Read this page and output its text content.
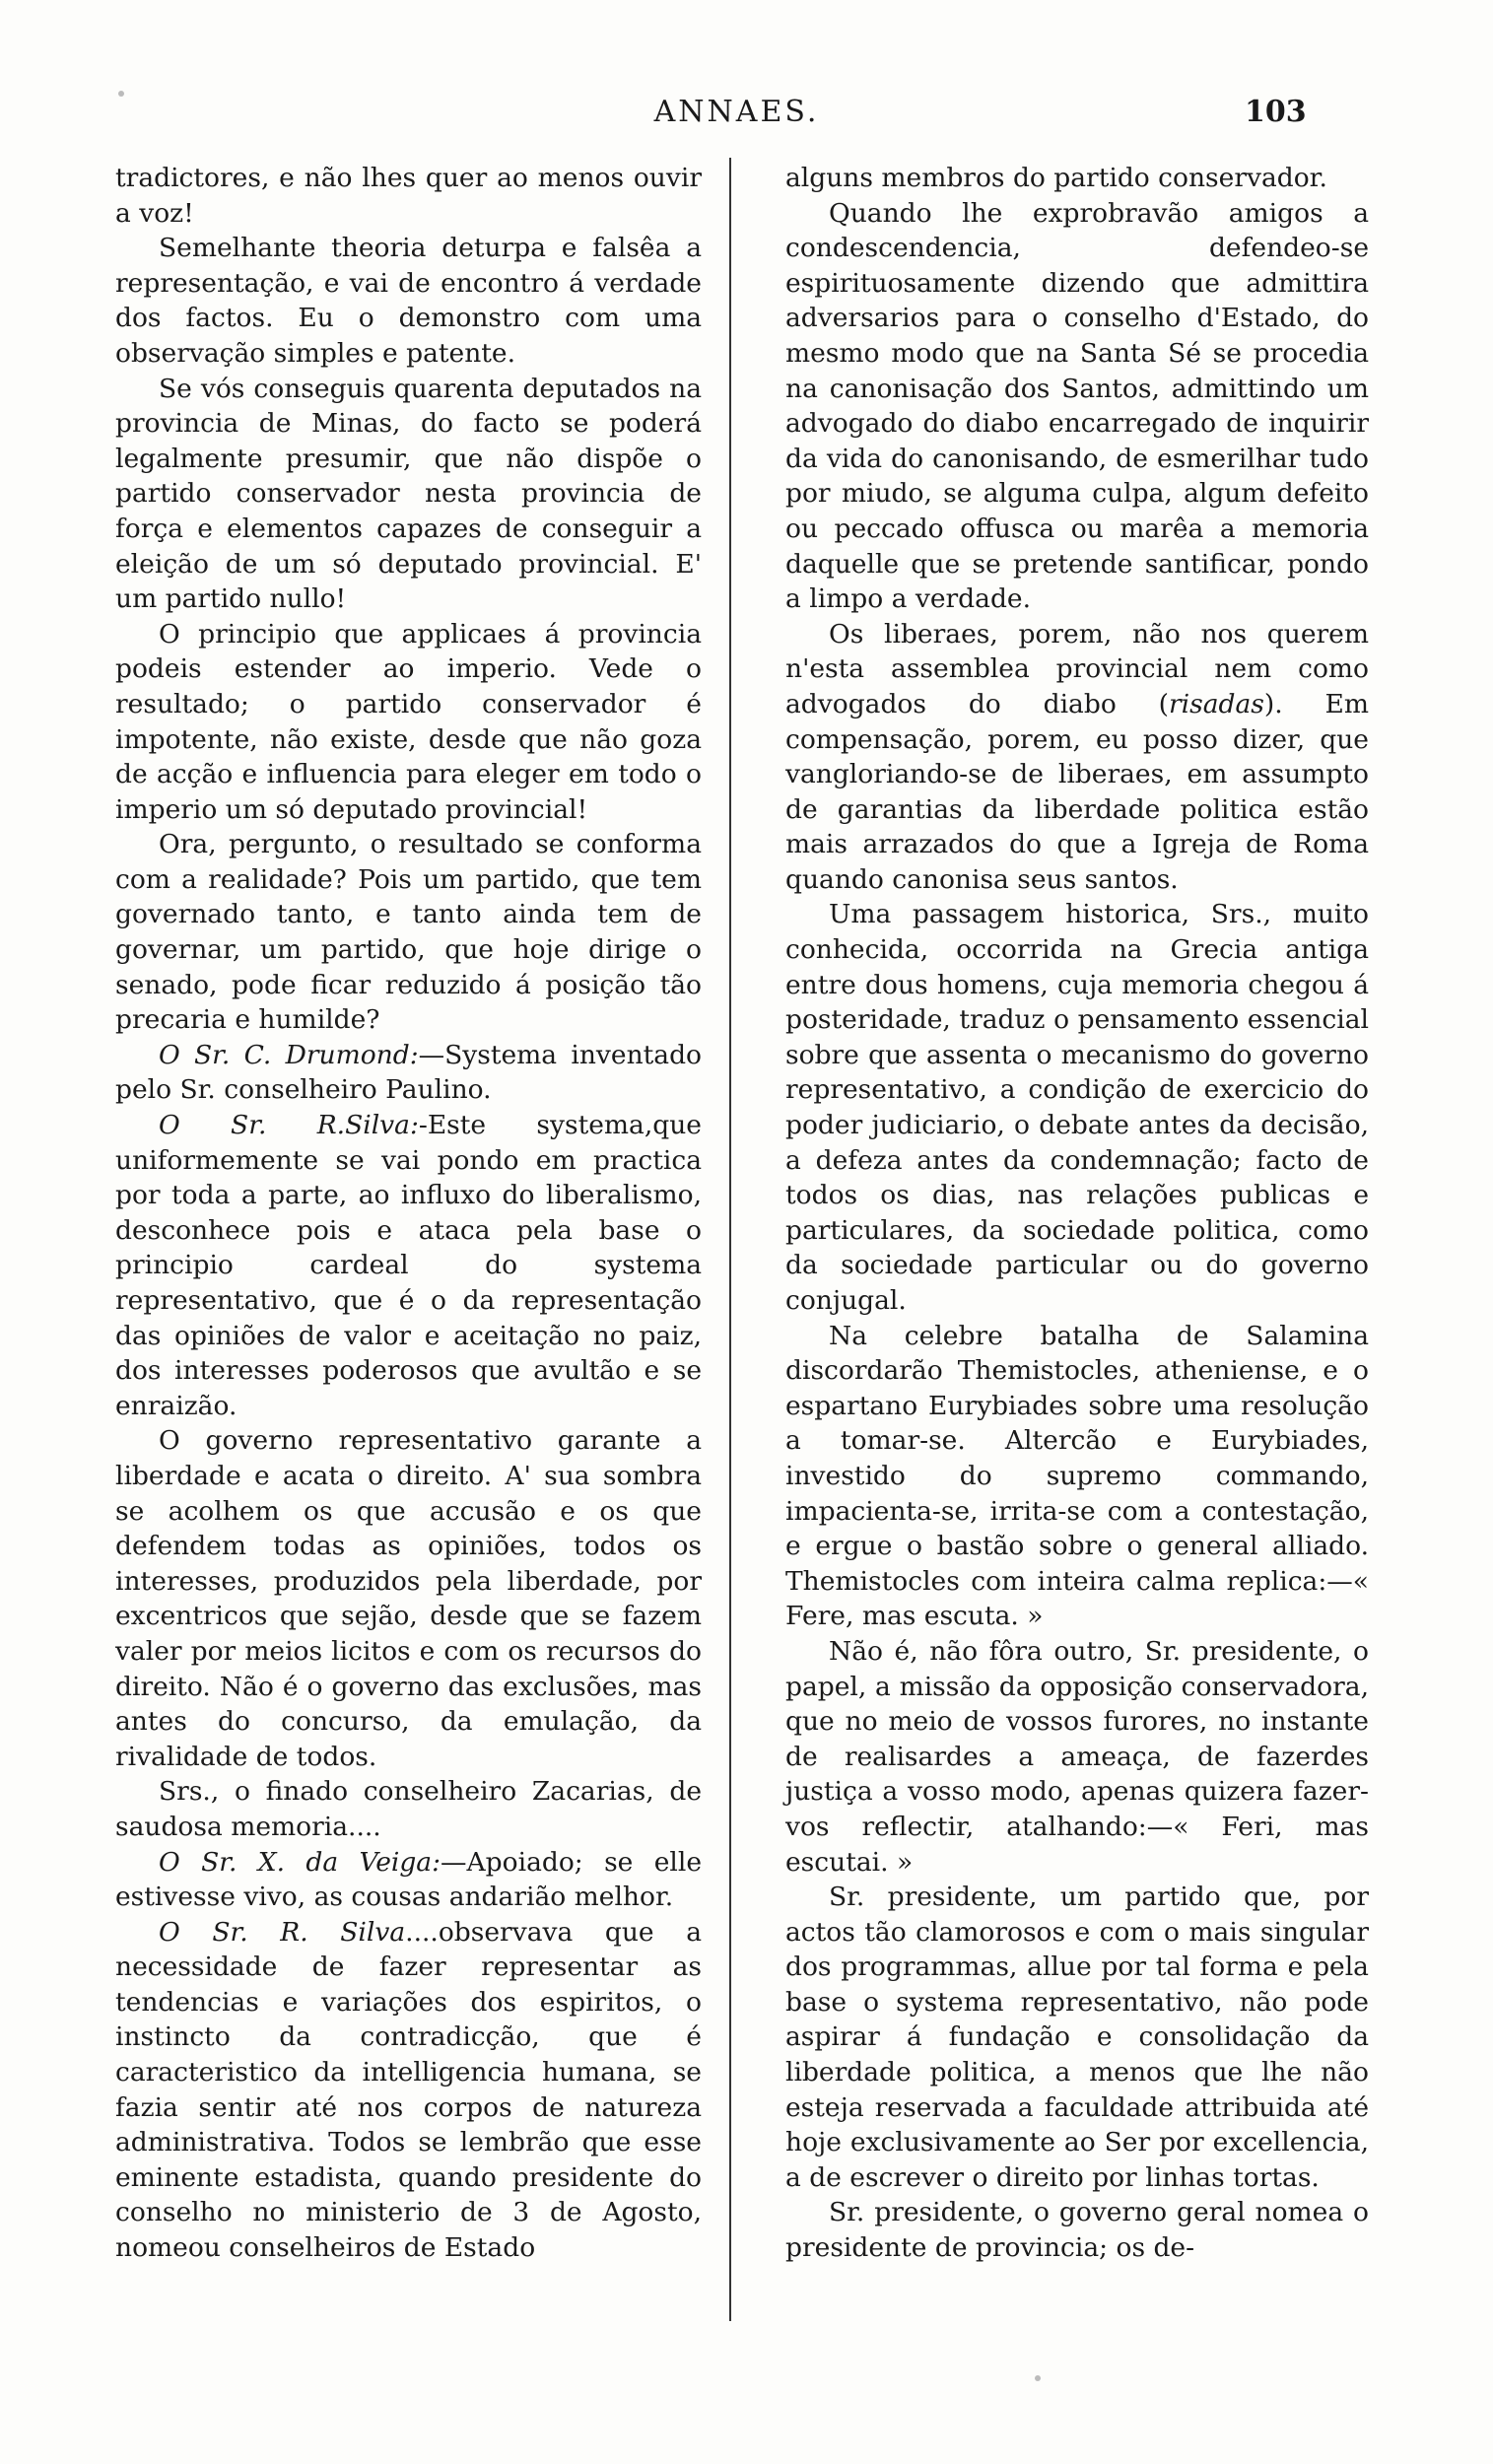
ANNAES.	103

tradictores, e não lhes quer ao menos ouvir a voz!

Semelhante theoria deturpa e falsêa a representação, e vai de encontro á verdade dos factos. Eu o demonstro com uma observação simples e patente.

Se vós conseguis quarenta deputados na provincia de Minas, do facto se poderá legalmente presumir, que não dispõe o partido conservador nesta provincia de força e elementos capazes de conseguir a eleição de um só deputado provincial. E' um partido nullo!

O principio que applicaes á provincia podeis estender ao imperio. Vede o resultado; o partido conservador é impotente, não existe, desde que não goza de acção e influencia para eleger em todo o imperio um só deputado provincial!

Ora, pergunto, o resultado se conforma com a realidade? Pois um partido, que tem governado tanto, e tanto ainda tem de governar, um partido, que hoje dirige o senado, pode ficar reduzido á posição tão precaria e humilde?

O Sr. C. Drumond:—Systema inventado pelo Sr. conselheiro Paulino.

O Sr. R.Silva:-Este systema,que uniformemente se vai pondo em practica por toda a parte, ao influxo do liberalismo, desconhece pois e ataca pela base o principio cardeal do systema representativo, que é o da representação das opiniões de valor e aceitação no paiz, dos interesses poderosos que avultão e se enraizão.

O governo representativo garante a liberdade e acata o direito. A' sua sombra se acolhem os que accusão e os que defendem todas as opiniões, todos os interesses, produzidos pela liberdade, por excentricos que sejão, desde que se fazem valer por meios licitos e com os recursos do direito. Não é o governo das exclusões, mas antes do concurso, da emulação, da rivalidade de todos.

Srs., o finado conselheiro Zacarias, de saudosa memoria....

O Sr. X. da Veiga:—Apoiado; se elle estivesse vivo, as cousas andarião melhor.

O Sr. R. Silva....observava que a necessidade de fazer representar as tendencias e variações dos espiritos, o instincto da contradicção, que é caracteristico da intelligencia humana, se fazia sentir até nos corpos de natureza administrativa. Todos se lembrão que esse eminente estadista, quando presidente do conselho no ministerio de 3 de Agosto, nomeou conselheiros de Estado

alguns membros do partido conservador.

Quando lhe exprobravão amigos a condescendencia, defendeo-se espirituosamente dizendo que admittira adversarios para o conselho d'Estado, do mesmo modo que na Santa Sé se procedia na canonisação dos Santos, admittindo um advogado do diabo encarregado de inquirir da vida do canonisando, de esmerilhar tudo por miudo, se alguma culpa, algum defeito ou peccado offusca ou marêa a memoria daquelle que se pretende santificar, pondo a limpo a verdade.

Os liberaes, porem, não nos querem n'esta assemblea provincial nem como advogados do diabo (risadas). Em compensação, porem, eu posso dizer, que vangloriando-se de liberaes, em assumpto de garantias da liberdade politica estão mais arrazados do que a Igreja de Roma quando canonisa seus santos.

Uma passagem historica, Srs., muito conhecida, occorrida na Grecia antiga entre dous homens, cuja memoria chegou á posteridade, traduz o pensamento essencial sobre que assenta o mecanismo do governo representativo, a condição de exercicio do poder judiciario, o debate antes da decisão, a defeza antes da condemnação; facto de todos os dias, nas relações publicas e particulares, da sociedade politica, como da sociedade particular ou do governo conjugal.

Na celebre batalha de Salamina discordarão Themistocles, atheniense, e o espartano Eurybiades sobre uma resolução a tomar-se. Altercão e Eurybiades, investido do supremo commando, impacienta-se, irrita-se com a contestação, e ergue o bastão sobre o general alliado. Themistocles com inteira calma replica:—« Fere, mas escuta. »

Não é, não fôra outro, Sr. presidente, o papel, a missão da opposição conservadora, que no meio de vossos furores, no instante de realisardes a ameaça, de fazerdes justiça a vosso modo, apenas quizera fazer-vos reflectir, atalhando:—« Feri, mas escutai. »

Sr. presidente, um partido que, por actos tão clamorosos e com o mais singular dos programmas, allue por tal forma e pela base o systema representativo, não pode aspirar á fundação e consolidação da liberdade politica, a menos que lhe não esteja reservada a faculdade attribuida até hoje exclusivamente ao Ser por excellencia, a de escrever o direito por linhas tortas.

Sr. presidente, o governo geral nomea o presidente de provincia; os de-
